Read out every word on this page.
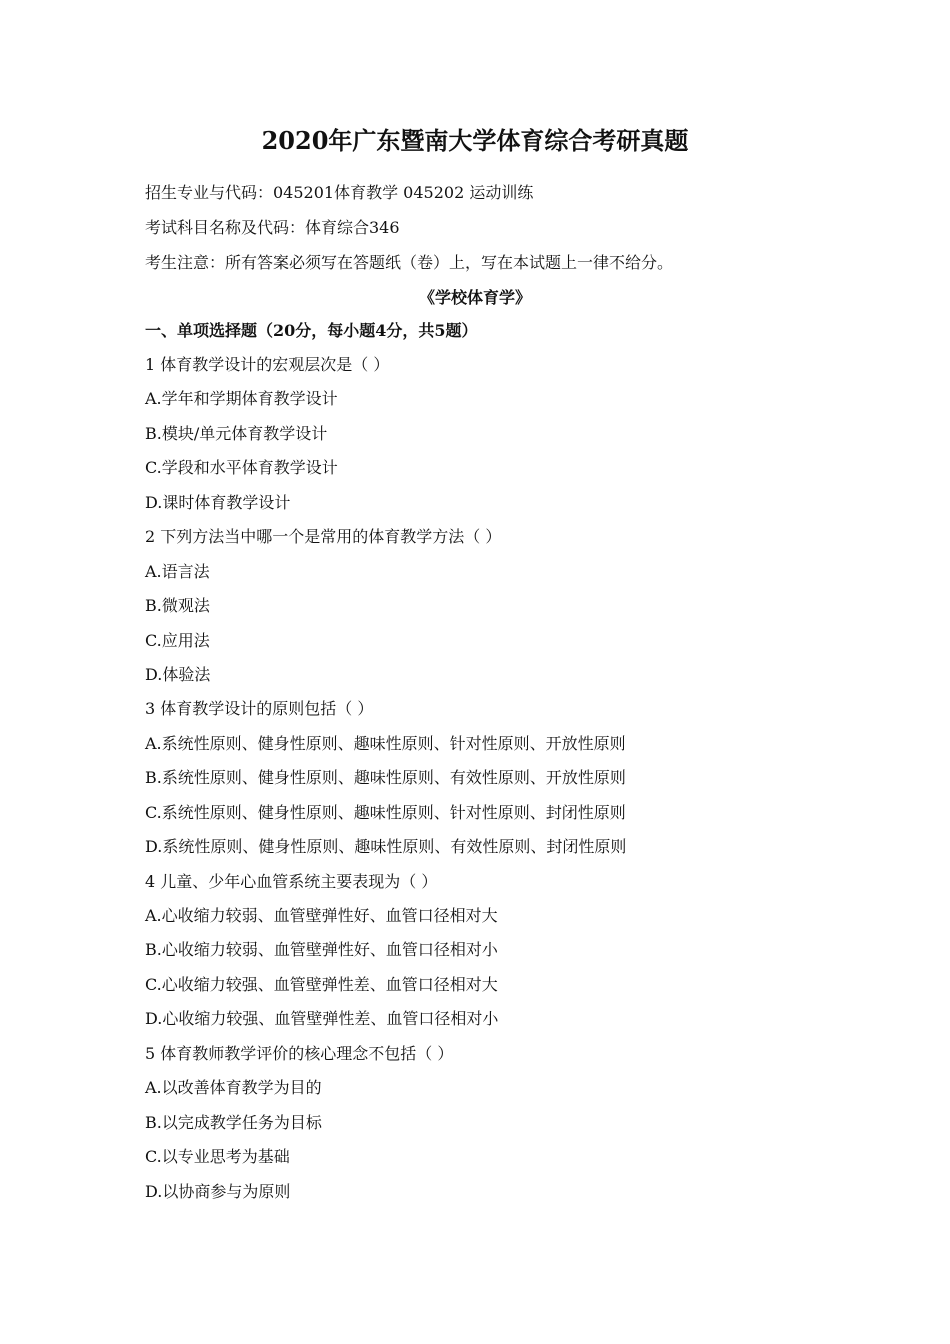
2020年广东暨南大学体育综合考研真题
招生专业与代码：045201体育教学 045202 运动训练
考试科目名称及代码：体育综合346
考生注意：所有答案必须写在答题纸（卷）上，写在本试题上一律不给分。
《学校体育学》
一、单项选择题（20分，每小题4分，共5题）
1 体育教学设计的宏观层次是（ ）
A.学年和学期体育教学设计
B.模块/单元体育教学设计
C.学段和水平体育教学设计
D.课时体育教学设计
2 下列方法当中哪一个是常用的体育教学方法（ ）
A.语言法
B.微观法
C.应用法
D.体验法
3 体育教学设计的原则包括（ ）
A.系统性原则、健身性原则、趣味性原则、针对性原则、开放性原则
B.系统性原则、健身性原则、趣味性原则、有效性原则、开放性原则
C.系统性原则、健身性原则、趣味性原则、针对性原则、封闭性原则
D.系统性原则、健身性原则、趣味性原则、有效性原则、封闭性原则
4 儿童、少年心血管系统主要表现为（ ）
A.心收缩力较弱、血管壁弹性好、血管口径相对大
B.心收缩力较弱、血管壁弹性好、血管口径相对小
C.心收缩力较强、血管壁弹性差、血管口径相对大
D.心收缩力较强、血管壁弹性差、血管口径相对小
5 体育教师教学评价的核心理念不包括（ ）
A.以改善体育教学为目的
B.以完成教学任务为目标
C.以专业思考为基础
D.以协商参与为原则
